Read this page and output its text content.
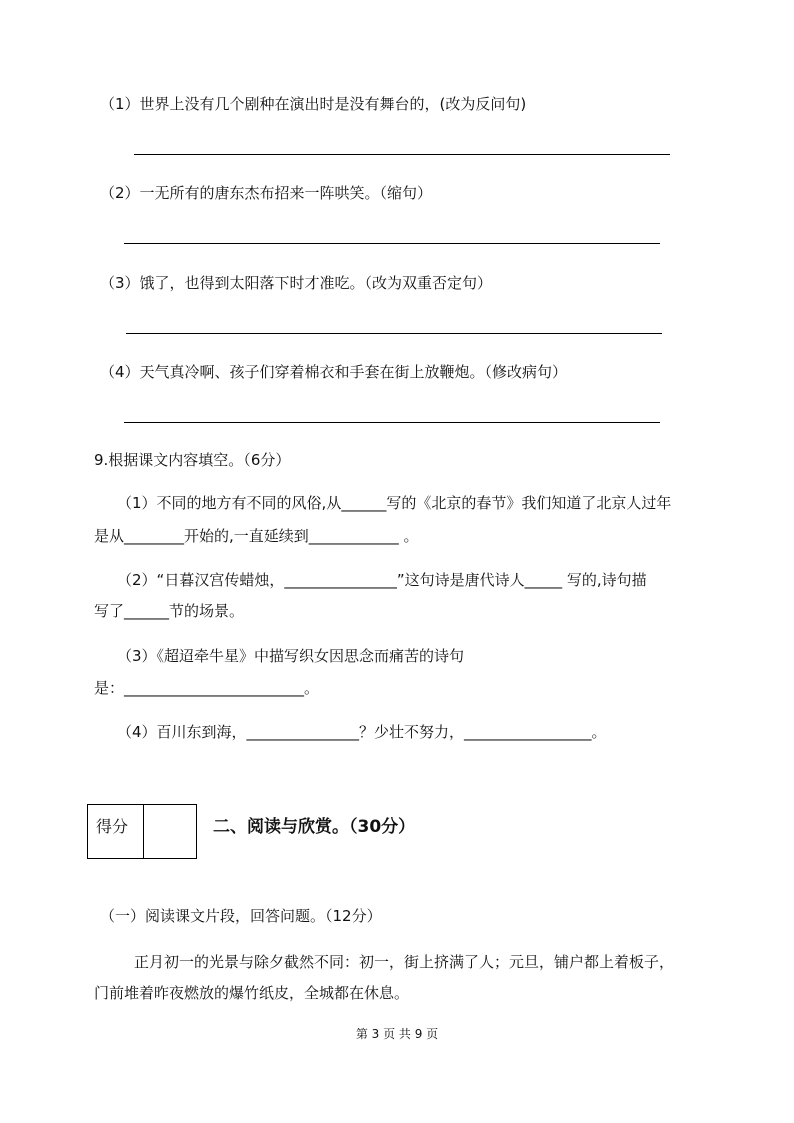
（1）世界上没有几个剧种在演出时是没有舞台的，(改为反问句)
（2）一无所有的唐东杰布招来一阵哄笑。（缩句）
（3）饿了，也得到太阳落下时才准吃。（改为双重否定句）
（4）天气真冷啊、孩子们穿着棉衣和手套在街上放鞭炮。（修改病句）
9.根据课文内容填空。（6分）
（1）不同的地方有不同的风俗,从______写的《北京的春节》我们知道了北京人过年
是从________开始的,一直延续到____________ 。
（2）“日暮汉宫传蜡烛，_______________”这句诗是唐代诗人_____ 写的,诗句描
写了______节的场景。
（3）《超迢牵牛星》中描写织女因思念而痛苦的诗句
是：________________________。
（4）百川东到海，_______________？少壮不努力，_________________。
得分	二、阅读与欣赏。（30分）
（一）阅读课文片段，回答问题。（12分）
正月初一的光景与除夕截然不同：初一，街上挤满了人；元旦，铺户都上着板子，
门前堆着昨夜燃放的爆竹纸皮，全城都在休息。
第 3 页 共 9 页
